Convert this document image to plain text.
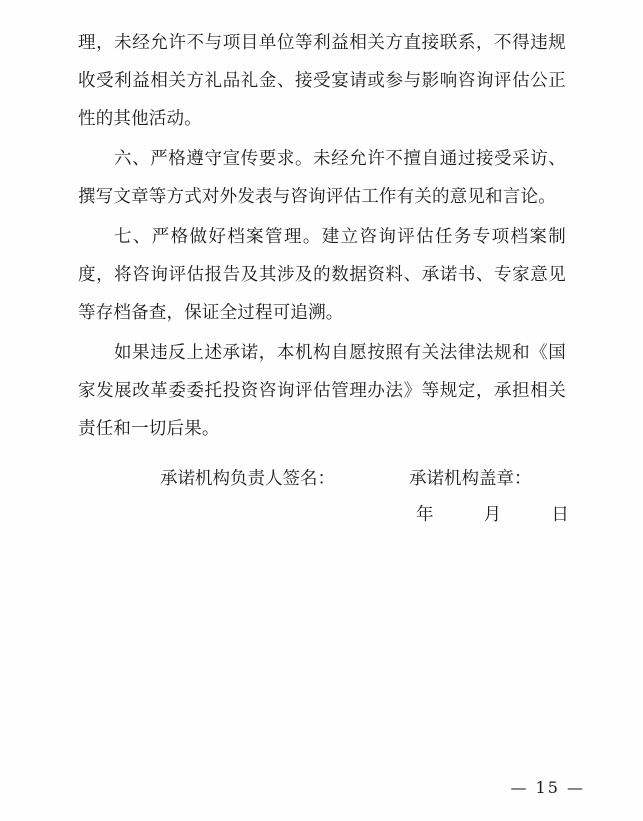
理，未经允许不与项目单位等利益相关方直接联系，不得违规收受利益相关方礼品礼金、接受宴请或参与影响咨询评估公正性的其他活动。

六、严格遵守宣传要求。未经允许不擅自通过接受采访、撰写文章等方式对外发表与咨询评估工作有关的意见和言论。

七、严格做好档案管理。建立咨询评估任务专项档案制度，将咨询评估报告及其涉及的数据资料、承诺书、专家意见等存档备查，保证全过程可追溯。

如果违反上述承诺，本机构自愿按照有关法律法规和《国家发展改革委委托投资咨询评估管理办法》等规定，承担相关责任和一切后果。

承诺机构负责人签名：	承诺机构盖章：
年	月	日
— 15 —
